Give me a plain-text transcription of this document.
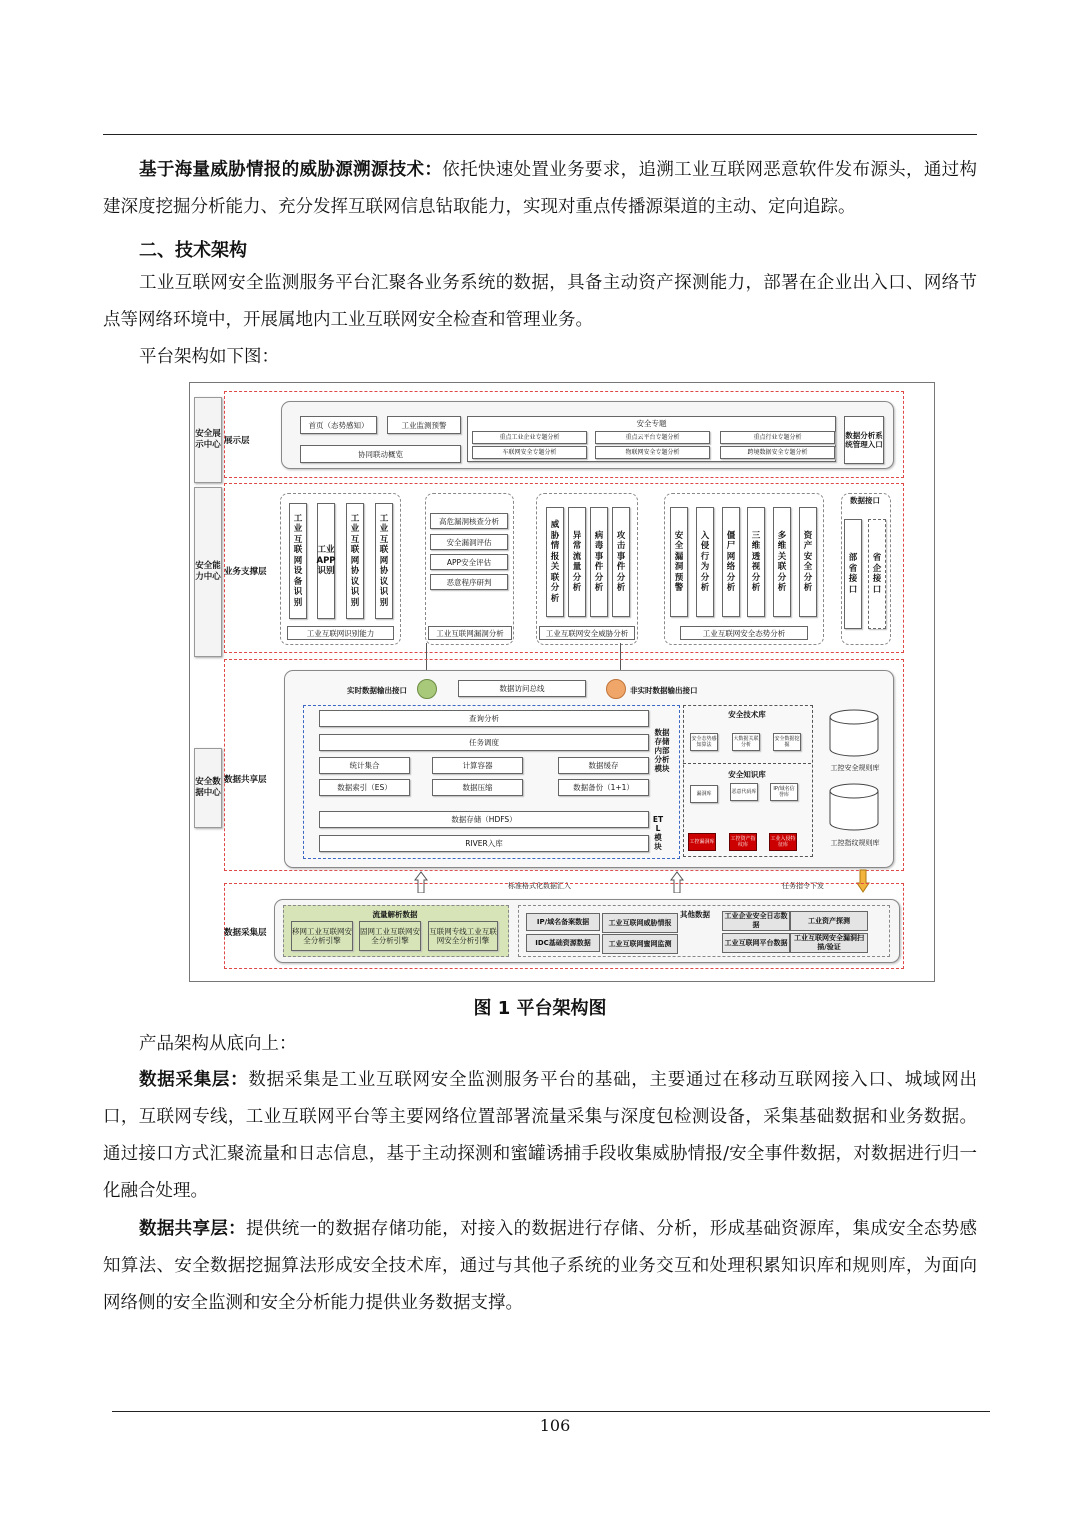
基于海量威胁情报的威胁源溯源技术：依托快速处置业务要求，追溯工业互联网恶意软件发布源头，通过构建深度挖掘分析能力、充分发挥互联网信息钻取能力，实现对重点传播源渠道的主动、定向追踪。
二、技术架构
工业互联网安全监测服务平台汇聚各业务系统的数据，具备主动资产探测能力，部署在企业出入口、网络节点等网络环境中，开展属地内工业互联网安全检查和管理业务。
平台架构如下图：
安全展示中心
安全能力中心
安全数据中心
展示层
首页（态势感知）	工业监测预警
协同联动概览
安全专题
重点工业企业专题分析	重点云平台专题分析	重点行业专题分析
车联网安全专题分析	物联网安全专题分析	跨境数据安全专题分析
数据分析系统管理入口
业务支撑层
工业互联网设备识别
工业APP识别
工业互联网协议识别
工业互联网协议识别
工业互联网识别能力
高危漏洞核查分析
安全漏洞评估
APP安全评估
恶意程序研判
工业互联网漏洞分析
威胁情报关联分析
异常流量分析
病毒事件分析
攻击事件分析
工业互联网安全威胁分析
安全漏洞预警
入侵行为分析
僵尸网络分析
三维透视分析
多维关联分析
资产安全分析
工业互联网安全态势分析
数据接口
部省接口
省企接口
数据共享层
实时数据输出接口	数据访问总线	非实时数据输出接口
查询分析
任务调度
统计集合	计算容器	数据缓存
数据索引（ES）	数据压缩	数据备份（1+1）
数据存储内部分析模块
数据存储（HDFS）
RIVER入库
ETL模块
安全技术库
安全态势感知算法
大数据关联分析
安全数据挖掘
安全知识库
漏洞库	恶意代码库	IP/域名信誉库
工控漏洞库	工控资产指纹库
工业入侵特征库
工控安全规则库
工控指纹规则库
标准格式化数据汇入	任务指令下发
数据采集层
流量解析数据
移网工业互联网安全分析引擎
固网工业互联网安全分析引擎
互联网专线工业互联网安全分析引擎
其他数据
IP/域名备案数据
IDC基础资源数据
工业互联网威胁情报
工业互联网蜜网监测
工业企业安全日志数据
工业互联网平台数据
工业资产探测
工业互联网安全漏洞扫描/验证
图 1 平台架构图
产品架构从底向上：
数据采集层：数据采集是工业互联网安全监测服务平台的基础，主要通过在移动互联网接入口、城域网出口，互联网专线，工业互联网平台等主要网络位置部署流量采集与深度包检测设备，采集基础数据和业务数据。通过接口方式汇聚流量和日志信息，基于主动探测和蜜罐诱捕手段收集威胁情报/安全事件数据，对数据进行归一化融合处理。
数据共享层：提供统一的数据存储功能，对接入的数据进行存储、分析，形成基础资源库，集成安全态势感知算法、安全数据挖掘算法形成安全技术库，通过与其他子系统的业务交互和处理积累知识库和规则库，为面向网络侧的安全监测和安全分析能力提供业务数据支撑。
106
